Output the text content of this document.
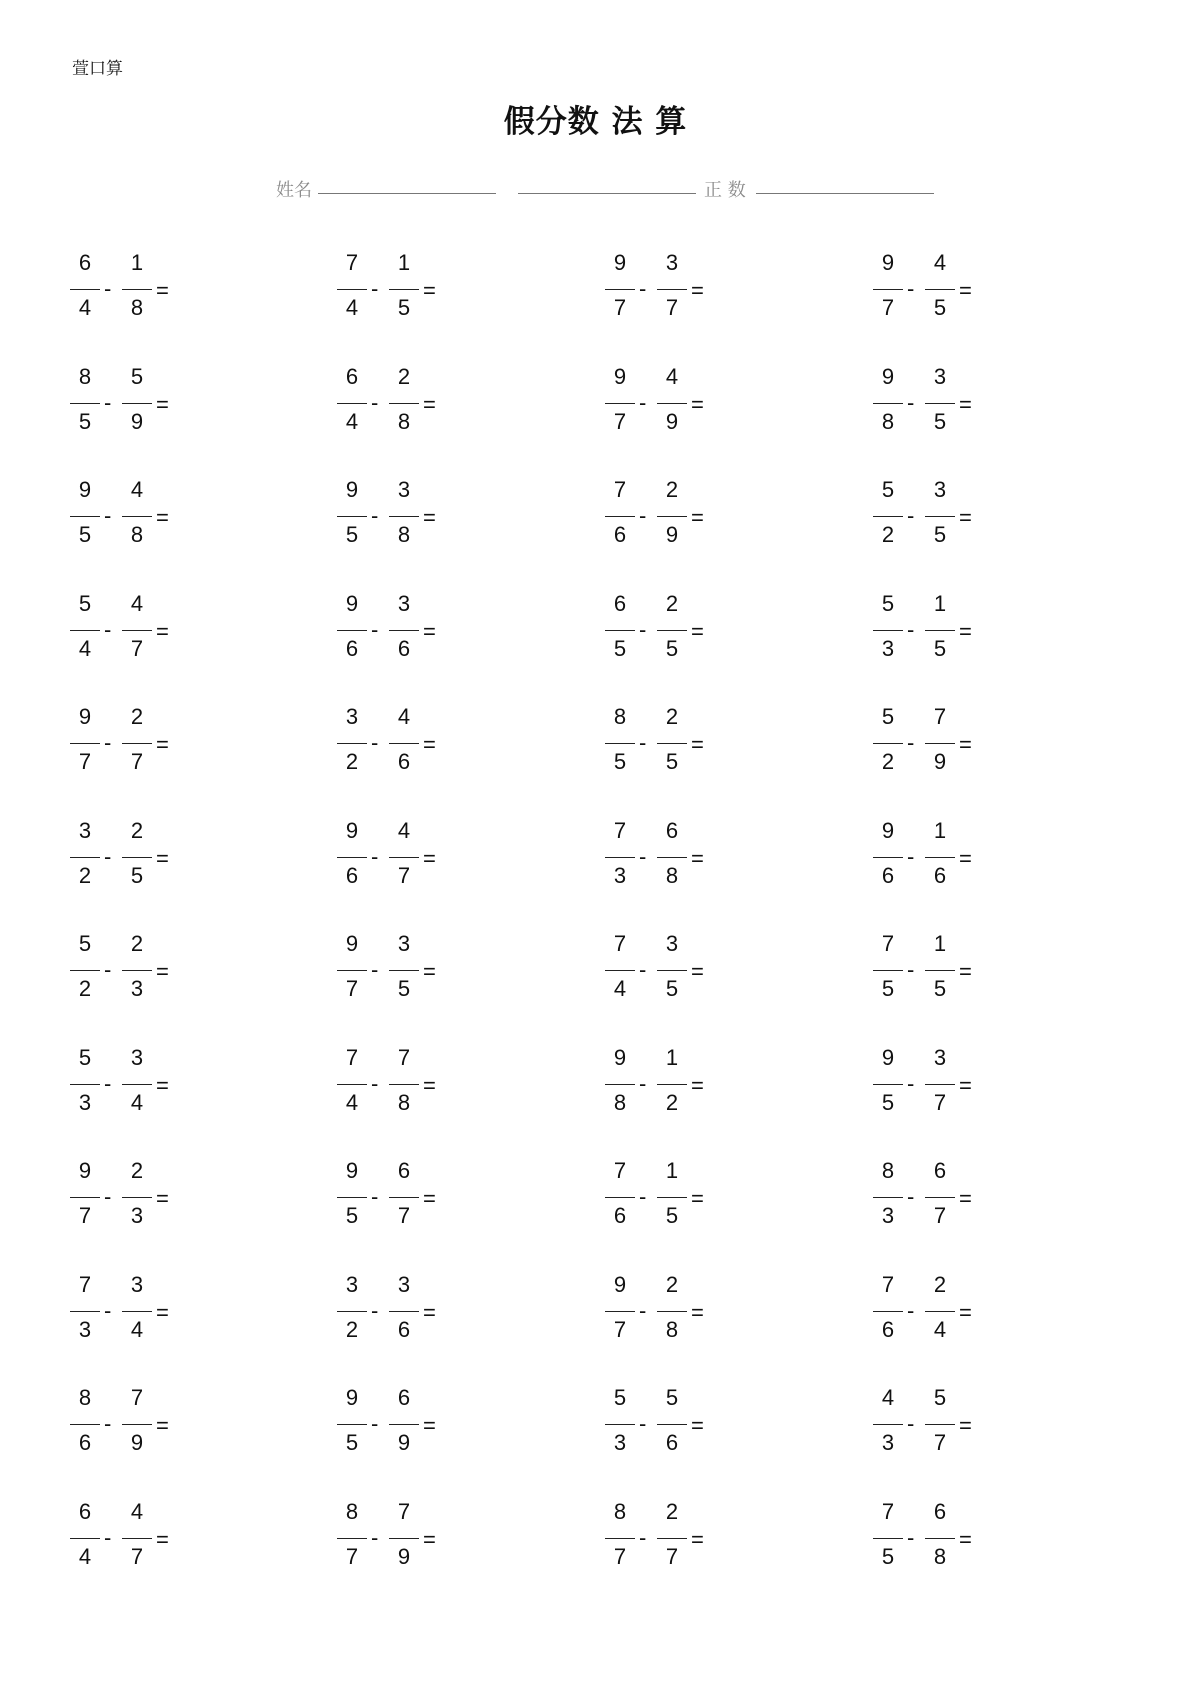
萱口算
假分数 法 算
姓名	正 数
6
4
-
1
8
=
7
4
-
1
5
=
9
7
-
3
7
=
9
7
-
4
5
=
8
5
-
5
9
=
6
4
-
2
8
=
9
7
-
4
9
=
9
8
-
3
5
=
9
5
-
4
8
=
9
5
-
3
8
=
7
6
-
2
9
=
5
2
-
3
5
=
5
4
-
4
7
=
9
6
-
3
6
=
6
5
-
2
5
=
5
3
-
1
5
=
9
7
-
2
7
=
3
2
-
4
6
=
8
5
-
2
5
=
5
2
-
7
9
=
3
2
-
2
5
=
9
6
-
4
7
=
7
3
-
6
8
=
9
6
-
1
6
=
5
2
-
2
3
=
9
7
-
3
5
=
7
4
-
3
5
=
7
5
-
1
5
=
5
3
-
3
4
=
7
4
-
7
8
=
9
8
-
1
2
=
9
5
-
3
7
=
9
7
-
2
3
=
9
5
-
6
7
=
7
6
-
1
5
=
8
3
-
6
7
=
7
3
-
3
4
=
3
2
-
3
6
=
9
7
-
2
8
=
7
6
-
2
4
=
8
6
-
7
9
=
9
5
-
6
9
=
5
3
-
5
6
=
4
3
-
5
7
=
6
4
-
4
7
=
8
7
-
7
9
=
8
7
-
2
7
=
7
5
-
6
8
=
